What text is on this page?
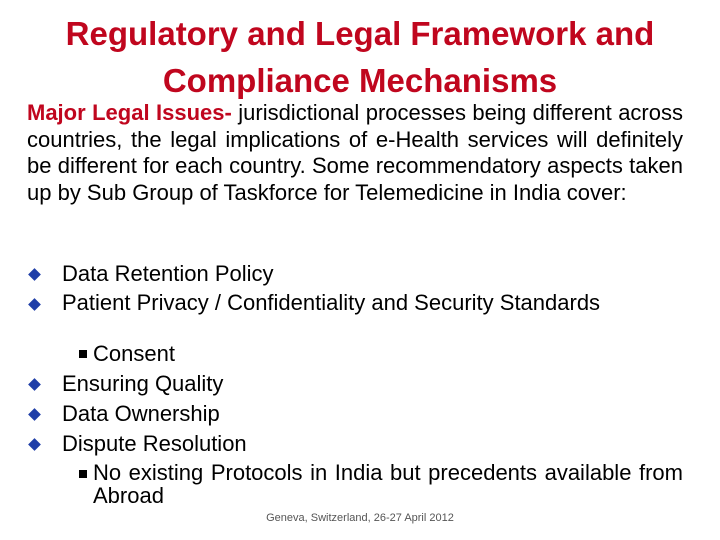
Regulatory and Legal Framework and
Compliance Mechanisms
Major Legal Issues- jurisdictional processes being different across countries, the legal implications of e-Health services will definitely be different for each country. Some recommendatory aspects taken up by Sub Group of Taskforce for Telemedicine in India cover:
Data Retention Policy
Patient Privacy / Confidentiality and Security Standards
Consent
Ensuring Quality
Data Ownership
Dispute Resolution
No existing Protocols in India but precedents available from Abroad
Geneva, Switzerland, 26-27 April 2012
